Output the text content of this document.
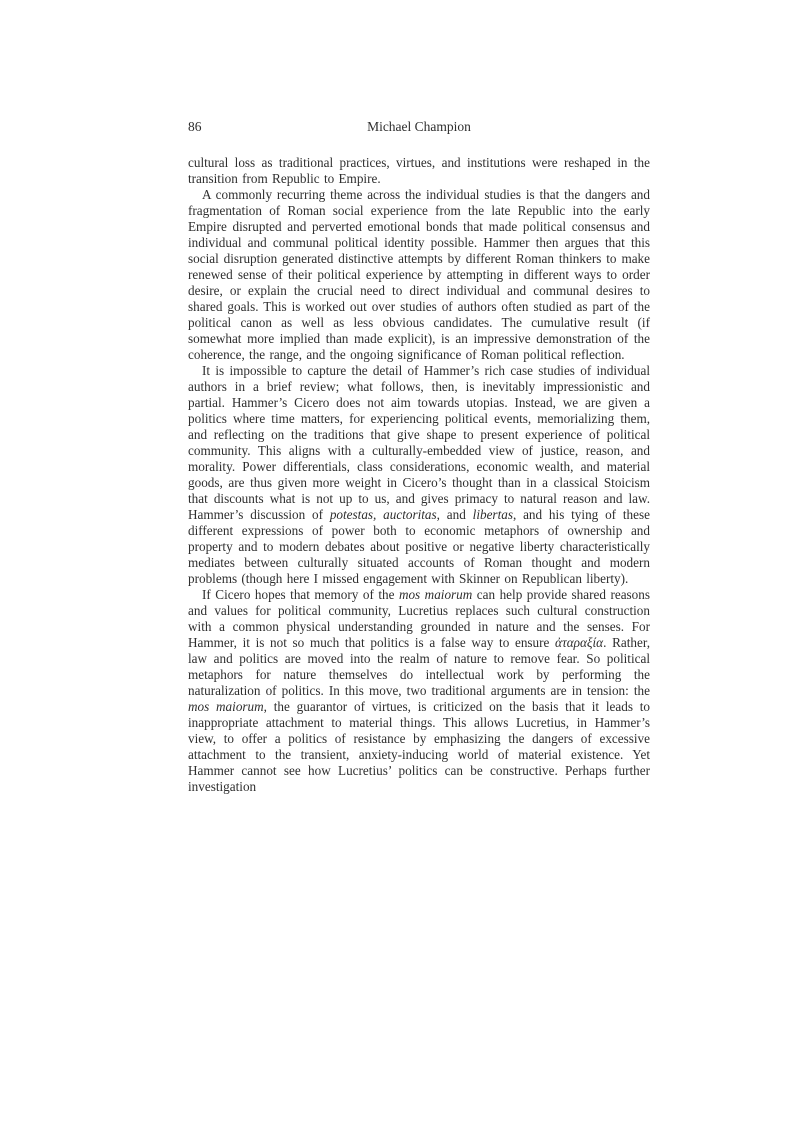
86	Michael Champion

cultural loss as traditional practices, virtues, and institutions were reshaped in the transition from Republic to Empire.

A commonly recurring theme across the individual studies is that the dangers and fragmentation of Roman social experience from the late Republic into the early Empire disrupted and perverted emotional bonds that made political consensus and individual and communal political identity possible. Hammer then argues that this social disruption generated distinctive attempts by different Roman thinkers to make renewed sense of their political experience by attempting in different ways to order desire, or explain the crucial need to direct individual and communal desires to shared goals. This is worked out over studies of authors often studied as part of the political canon as well as less obvious candidates. The cumulative result (if somewhat more implied than made explicit), is an impressive demonstration of the coherence, the range, and the ongoing significance of Roman political reflection.

It is impossible to capture the detail of Hammer’s rich case studies of individual authors in a brief review; what follows, then, is inevitably impressionistic and partial. Hammer’s Cicero does not aim towards utopias. Instead, we are given a politics where time matters, for experiencing political events, memorializing them, and reflecting on the traditions that give shape to present experience of political community. This aligns with a culturally-embedded view of justice, reason, and morality. Power differentials, class considerations, economic wealth, and material goods, are thus given more weight in Cicero’s thought than in a classical Stoicism that discounts what is not up to us, and gives primacy to natural reason and law. Hammer’s discussion of potestas, auctoritas, and libertas, and his tying of these different expressions of power both to economic metaphors of ownership and property and to modern debates about positive or negative liberty characteristically mediates between culturally situated accounts of Roman thought and modern problems (though here I missed engagement with Skinner on Republican liberty).

If Cicero hopes that memory of the mos maiorum can help provide shared reasons and values for political community, Lucretius replaces such cultural construction with a common physical understanding grounded in nature and the senses. For Hammer, it is not so much that politics is a false way to ensure ἀταραξία. Rather, law and politics are moved into the realm of nature to remove fear. So political metaphors for nature themselves do intellectual work by performing the naturalization of politics. In this move, two traditional arguments are in tension: the mos maiorum, the guarantor of virtues, is criticized on the basis that it leads to inappropriate attachment to material things. This allows Lucretius, in Hammer’s view, to offer a politics of resistance by emphasizing the dangers of excessive attachment to the transient, anxiety-inducing world of material existence. Yet Hammer cannot see how Lucretius’ politics can be constructive. Perhaps further investigation
